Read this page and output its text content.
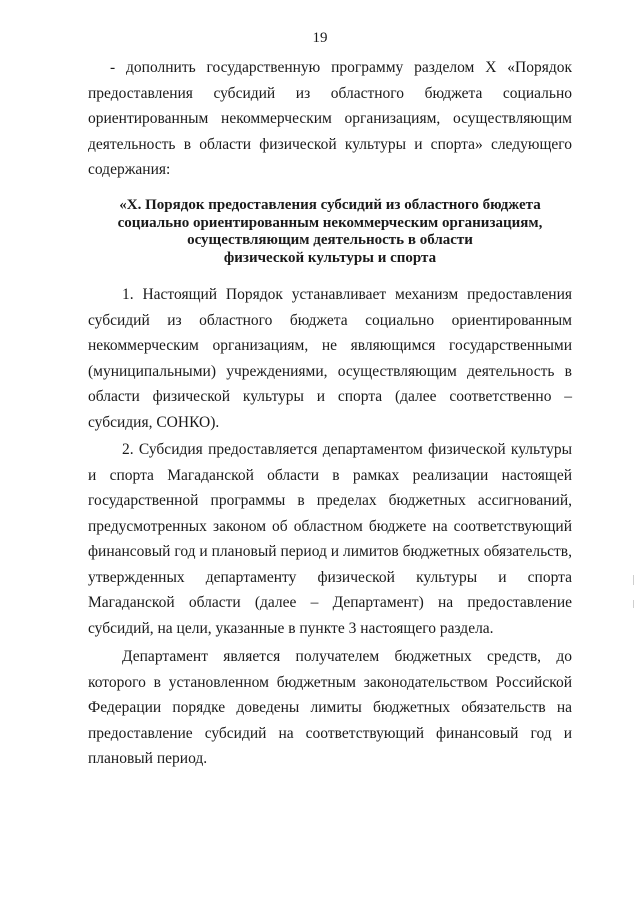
19
- дополнить государственную программу разделом X «Порядок предоставления субсидий из областного бюджета социально ориентированным некоммерческим организациям, осуществляющим деятельность в области физической культуры и спорта» следующего содержания:
«X. Порядок предоставления субсидий из областного бюджета
социально ориентированным некоммерческим организациям,
осуществляющим деятельность в области
физической культуры и спорта
1. Настоящий Порядок устанавливает механизм предоставления субсидий из областного бюджета социально ориентированным некоммерческим организациям, не являющимся государственными (муниципальными) учреждениями, осуществляющим деятельность в области физической культуры и спорта (далее соответственно – субсидия, СОНКО).
2. Субсидия предоставляется департаментом физической культуры и спорта Магаданской области в рамках реализации настоящей государственной программы в пределах бюджетных ассигнований, предусмотренных законом об областном бюджете на соответствующий финансовый год и плановый период и лимитов бюджетных обязательств, утвержденных департаменту физической культуры и спорта Магаданской области (далее – Департамент) на предоставление субсидий, на цели, указанные в пункте 3 настоящего раздела.
Департамент является получателем бюджетных средств, до которого в установленном бюджетным законодательством Российской Федерации порядке доведены лимиты бюджетных обязательств на предоставление субсидий на соответствующий финансовый год и плановый период.
